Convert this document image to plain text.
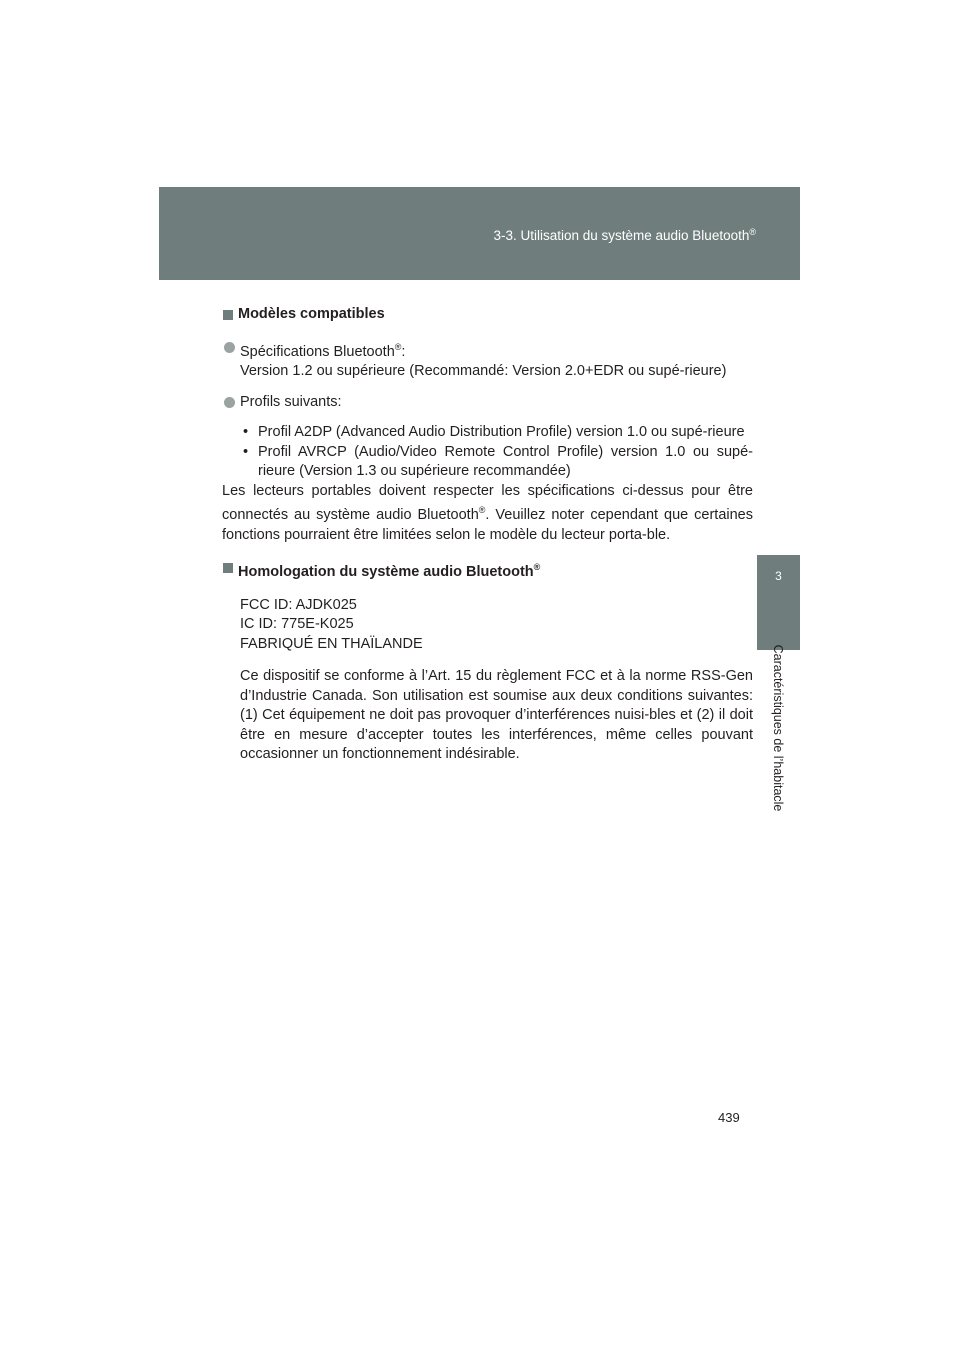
3-3. Utilisation du système audio Bluetooth®
3
Caractéristiques de l’habitacle
Modèles compatibles
Spécifications Bluetooth®:
Version 1.2 ou supérieure (Recommandé: Version 2.0+EDR ou supé-rieure)
Profils suivants:
• Profil A2DP (Advanced Audio Distribution Profile) version 1.0 ou supé-rieure
• Profil AVRCP (Audio/Video Remote Control Profile) version 1.0 ou supé-rieure (Version 1.3 ou supérieure recommandée)
Les lecteurs portables doivent respecter les spécifications ci-dessus pour être connectés au système audio Bluetooth®. Veuillez noter cependant que certaines fonctions pourraient être limitées selon le modèle du lecteur porta-ble.
Homologation du système audio Bluetooth®
FCC ID: AJDK025
IC ID: 775E-K025
FABRIQUÉ EN THAÏLANDE
Ce dispositif se conforme à l’Art. 15 du règlement FCC et à la norme RSS-Gen d’Industrie Canada. Son utilisation est soumise aux deux conditions suivantes: (1) Cet équipement ne doit pas provoquer d’interférences nuisi-bles et (2) il doit être en mesure d’accepter toutes les interférences, même celles pouvant occasionner un fonctionnement indésirable.
439
